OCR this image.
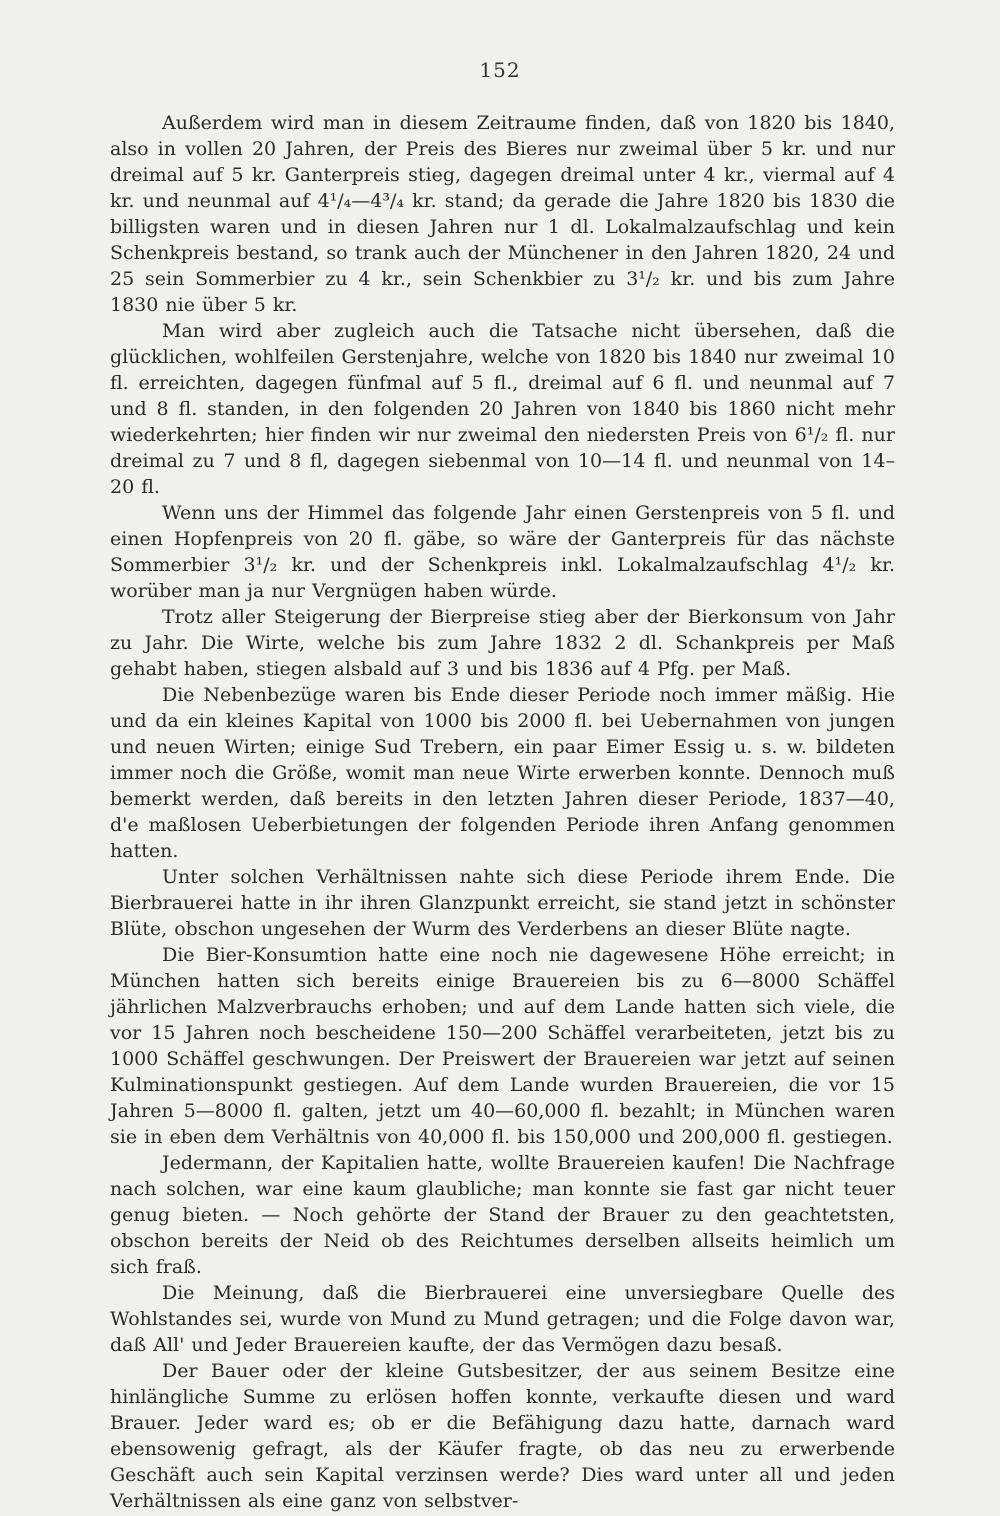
152

Außerdem wird man in diesem Zeitraume finden, daß von 1820 bis 1840, also in vollen 20 Jahren, der Preis des Bieres nur zweimal über 5 kr. und nur dreimal auf 5 kr. Ganterpreis stieg, dagegen dreimal unter 4 kr., viermal auf 4 kr. und neunmal auf 4¹/₄—4³/₄ kr. stand; da gerade die Jahre 1820 bis 1830 die billigsten waren und in diesen Jahren nur 1 dl. Lokalmalzaufschlag und kein Schenkpreis bestand, so trank auch der Münchener in den Jahren 1820, 24 und 25 sein Sommerbier zu 4 kr., sein Schenkbier zu 3¹/₂ kr. und bis zum Jahre 1830 nie über 5 kr.

Man wird aber zugleich auch die Tatsache nicht übersehen, daß die glücklichen, wohlfeilen Gerstenjahre, welche von 1820 bis 1840 nur zweimal 10 fl. erreichten, dagegen fünfmal auf 5 fl., dreimal auf 6 fl. und neunmal auf 7 und 8 fl. standen, in den folgenden 20 Jahren von 1840 bis 1860 nicht mehr wiederkehrten; hier finden wir nur zweimal den niedersten Preis von 6¹/₂ fl. nur dreimal zu 7 und 8 fl, dagegen siebenmal von 10—14 fl. und neunmal von 14–20 fl.

Wenn uns der Himmel das folgende Jahr einen Gerstenpreis von 5 fl. und einen Hopfenpreis von 20 fl. gäbe, so wäre der Ganterpreis für das nächste Sommerbier 3¹/₂ kr. und der Schenkpreis inkl. Lokalmalzaufschlag 4¹/₂ kr. worüber man ja nur Vergnügen haben würde.

Trotz aller Steigerung der Bierpreise stieg aber der Bierkonsum von Jahr zu Jahr. Die Wirte, welche bis zum Jahre 1832 2 dl. Schankpreis per Maß gehabt haben, stiegen alsbald auf 3 und bis 1836 auf 4 Pfg. per Maß.

Die Nebenbezüge waren bis Ende dieser Periode noch immer mäßig. Hie und da ein kleines Kapital von 1000 bis 2000 fl. bei Uebernahmen von jungen und neuen Wirten; einige Sud Trebern, ein paar Eimer Essig u. s. w. bildeten immer noch die Größe, womit man neue Wirte erwerben konnte. Dennoch muß bemerkt werden, daß bereits in den letzten Jahren dieser Periode, 1837—40, d'e maßlosen Ueberbietungen der folgenden Periode ihren Anfang genommen hatten.

Unter solchen Verhältnissen nahte sich diese Periode ihrem Ende. Die Bierbrauerei hatte in ihr ihren Glanzpunkt erreicht, sie stand jetzt in schönster Blüte, obschon ungesehen der Wurm des Verderbens an dieser Blüte nagte.

Die Bier-Konsumtion hatte eine noch nie dagewesene Höhe erreicht; in München hatten sich bereits einige Brauereien bis zu 6—8000 Schäffel jährlichen Malzverbrauchs erhoben; und auf dem Lande hatten sich viele, die vor 15 Jahren noch bescheidene 150—200 Schäffel verarbeiteten, jetzt bis zu 1000 Schäffel geschwungen. Der Preiswert der Brauereien war jetzt auf seinen Kulminationspunkt gestiegen. Auf dem Lande wurden Brauereien, die vor 15 Jahren 5—8000 fl. galten, jetzt um 40—60,000 fl. bezahlt; in München waren sie in eben dem Verhältnis von 40,000 fl. bis 150,000 und 200,000 fl. gestiegen.

Jedermann, der Kapitalien hatte, wollte Brauereien kaufen! Die Nachfrage nach solchen, war eine kaum glaubliche; man konnte sie fast gar nicht teuer genug bieten. — Noch gehörte der Stand der Brauer zu den geachtetsten, obschon bereits der Neid ob des Reichtumes derselben allseits heimlich um sich fraß.

Die Meinung, daß die Bierbrauerei eine unversiegbare Quelle des Wohlstandes sei, wurde von Mund zu Mund getragen; und die Folge davon war, daß All' und Jeder Brauereien kaufte, der das Vermögen dazu besaß.

Der Bauer oder der kleine Gutsbesitzer, der aus seinem Besitze eine hinlängliche Summe zu erlösen hoffen konnte, verkaufte diesen und ward Brauer. Jeder ward es; ob er die Befähigung dazu hatte, darnach ward ebensowenig gefragt, als der Käufer fragte, ob das neu zu erwerbende Geschäft auch sein Kapital verzinsen werde? Dies ward unter all und jeden Verhältnissen als eine ganz von selbstver-
